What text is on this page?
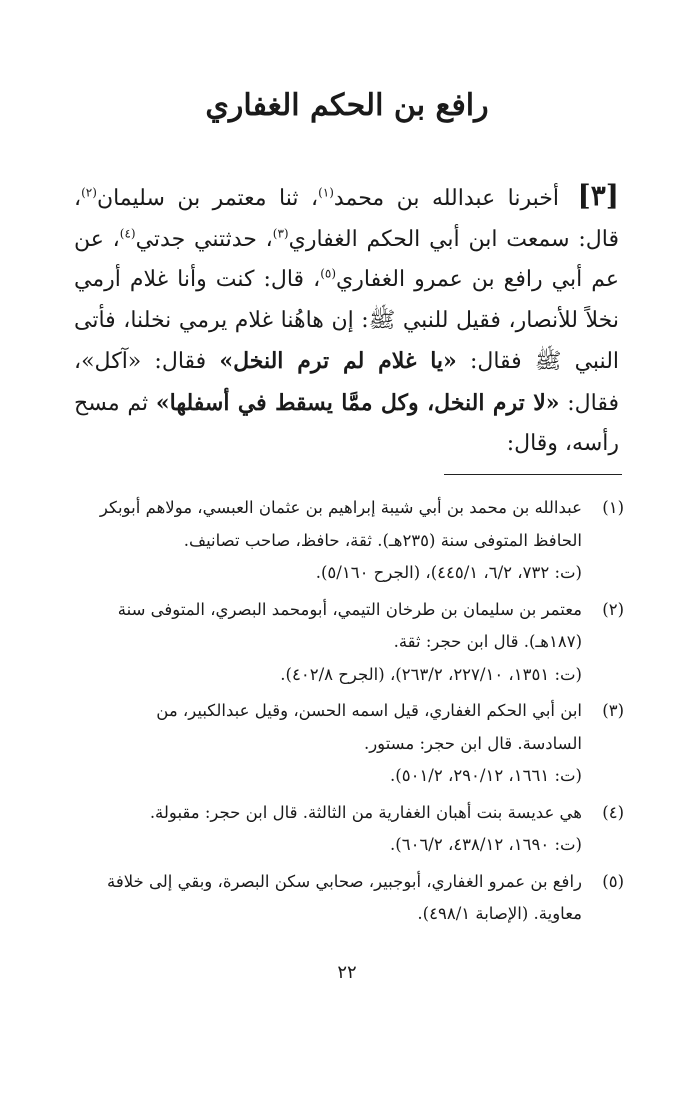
رافع بن الحكم الغفاري

[٣] أخبرنا عبدالله بن محمد$^{(١)}$، ثنا معتمر بن سليمان$^{(٢)}$، قال: سمعت ابن أبي الحكم الغفاري$^{(٣)}$، حدثتني جدتي$^{(٤)}$، عن عم أبي رافع بن عمرو الغفاري$^{(٥)}$، قال: كنت وأنا غلام أرمي نخلاً للأنصار، فقيل للنبي ﷺ: إن هاهُنا غلام يرمي نخلنا، فأتى النبي ﷺ فقال: «يا غلام لم ترم النخل» فقال: «آكل»، فقال: «لا ترم النخل، وكل ممَّا يسقط في أسفلها» ثم مسح رأسه، وقال:

(١)
عبدالله بن محمد بن أبي شيبة إبراهيم بن عثمان العبسي، مولاهم أبوبكر
الحافظ المتوفى سنة (٢٣٥هـ). ثقة، حافظ، صاحب تصانيف.
(ت: ٧٣٢، ٦/٢، ٤٤٥/١)، (الجرح ٥/١٦٠).
(٢)
معتمر بن سليمان بن طرخان التيمي، أبومحمد البصري، المتوفى سنة
(١٨٧هـ). قال ابن حجر: ثقة.
(ت: ١٣٥١، ٢٢٧/١٠، ٢٦٣/٢)، (الجرح ٤٠٢/٨).
(٣)
ابن أبي الحكم الغفاري، قيل اسمه الحسن، وقيل عبدالكبير، من
السادسة. قال ابن حجر: مستور.
(ت: ١٦٦١، ٢٩٠/١٢، ٥٠١/٢).
(٤)
هي عديسة بنت أهبان الغفارية من الثالثة. قال ابن حجر: مقبولة.
(ت: ١٦٩٠، ٤٣٨/١٢، ٦٠٦/٢).
(٥)
رافع بن عمرو الغفاري، أبوجبير، صحابي سكن البصرة، وبقي إلى خلافة
معاوية. (الإصابة ٤٩٨/١).

٢٢
